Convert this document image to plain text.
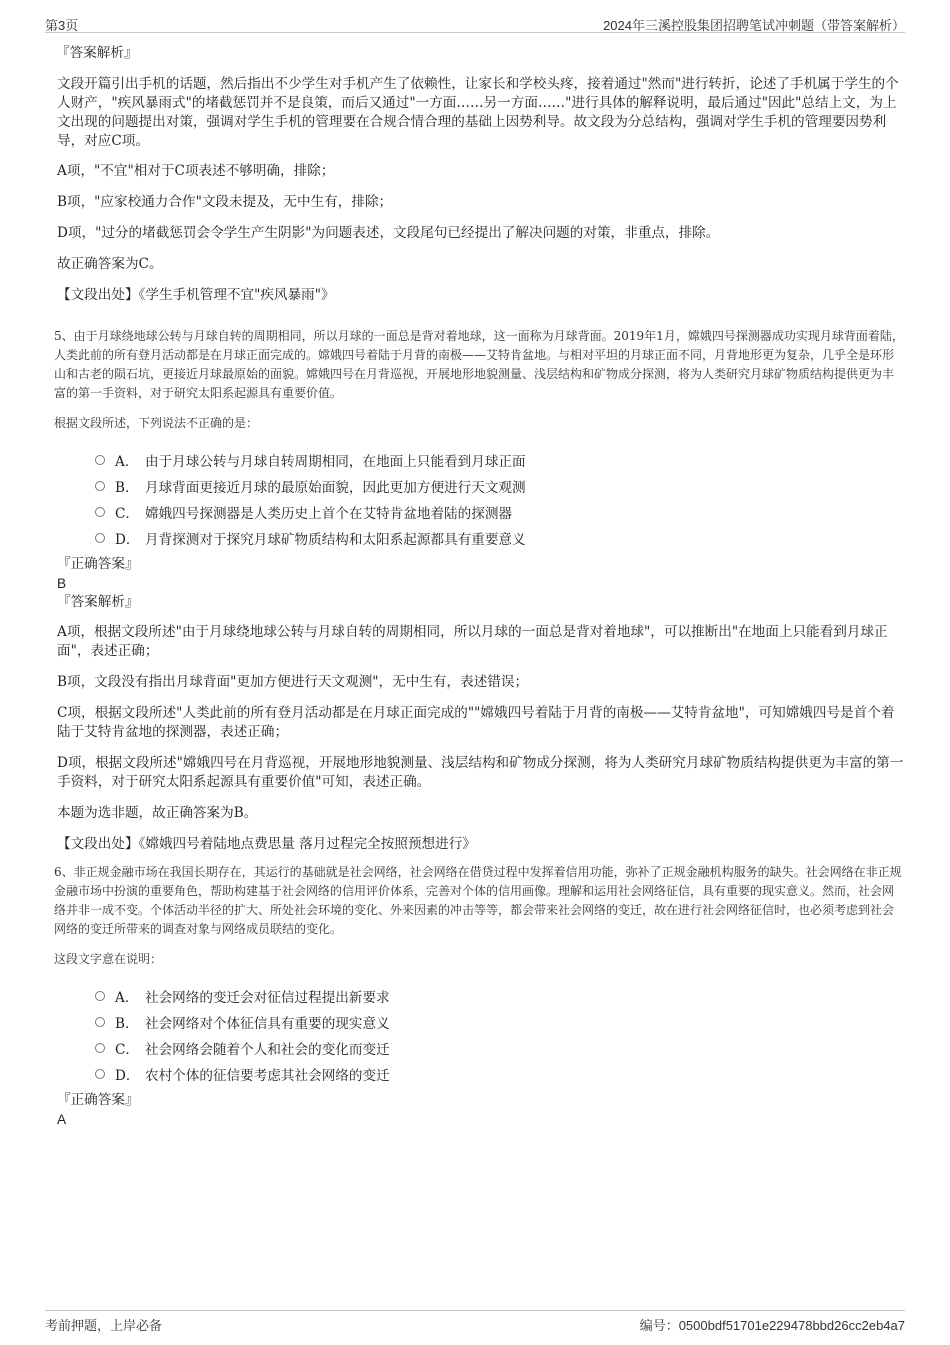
第3页	2024年三溪控股集团招聘笔试冲刺题（带答案解析）
『答案解析』

文段开篇引出手机的话题，然后指出不少学生对手机产生了依赖性，让家长和学校头疼，接着通过"然而"进行转折，论述了手机属于学生的个人财产，"疾风暴雨式"的堵截惩罚并不是良策，而后又通过"一方面……另一方面……"进行具体的解释说明，最后通过"因此"总结上文，为上文出现的问题提出对策，强调对学生手机的管理要在合规合情合理的基础上因势利导。故文段为分总结构，强调对学生手机的管理要因势利导，对应C项。

A项，"不宜"相对于C项表述不够明确，排除；

B项，"应家校通力合作"文段未提及，无中生有，排除；

D项，"过分的堵截惩罚会令学生产生阴影"为问题表述，文段尾句已经提出了解决问题的对策，非重点，排除。

故正确答案为C。

【文段出处】《学生手机管理不宜"疾风暴雨"》

5、由于月球绕地球公转与月球自转的周期相同，所以月球的一面总是背对着地球，这一面称为月球背面。2019年1月，嫦娥四号探测器成功实现月球背面着陆，人类此前的所有登月活动都是在月球正面完成的。嫦娥四号着陆于月背的南极——艾特肯盆地。与相对平坦的月球正面不同，月背地形更为复杂，几乎全是环形山和古老的陨石坑，更接近月球最原始的面貌。嫦娥四号在月背巡视，开展地形地貌测量、浅层结构和矿物成分探测，将为人类研究月球矿物质结构提供更为丰富的第一手资料，对于研究太阳系起源具有重要价值。

根据文段所述，下列说法不正确的是：

A． 由于月球公转与月球自转周期相同，在地面上只能看到月球正面
B． 月球背面更接近月球的最原始面貌，因此更加方便进行天文观测
C． 嫦娥四号探测器是人类历史上首个在艾特肯盆地着陆的探测器
D． 月背探测对于探究月球矿物质结构和太阳系起源都具有重要意义
『正确答案』
B
『答案解析』

A项，根据文段所述"由于月球绕地球公转与月球自转的周期相同，所以月球的一面总是背对着地球"，可以推断出"在地面上只能看到月球正面"，表述正确；

B项，文段没有指出月球背面"更加方便进行天文观测"，无中生有，表述错误；

C项，根据文段所述"人类此前的所有登月活动都是在月球正面完成的""嫦娥四号着陆于月背的南极——艾特肯盆地"，可知嫦娥四号是首个着陆于艾特肯盆地的探测器，表述正确；

D项，根据文段所述"嫦娥四号在月背巡视，开展地形地貌测量、浅层结构和矿物成分探测，将为人类研究月球矿物质结构提供更为丰富的第一手资料，对于研究太阳系起源具有重要价值"可知，表述正确。

本题为选非题，故正确答案为B。

【文段出处】《嫦娥四号着陆地点费思量 落月过程完全按照预想进行》

6、非正规金融市场在我国长期存在，其运行的基础就是社会网络，社会网络在借贷过程中发挥着信用功能，弥补了正规金融机构服务的缺失。社会网络在非正规金融市场中扮演的重要角色，帮助构建基于社会网络的信用评价体系，完善对个体的信用画像。理解和运用社会网络征信，具有重要的现实意义。然而，社会网络并非一成不变。个体活动半径的扩大、所处社会环境的变化、外来因素的冲击等等，都会带来社会网络的变迁，故在进行社会网络征信时，也必须考虑到社会网络的变迁所带来的调查对象与网络成员联结的变化。

这段文字意在说明：

A． 社会网络的变迁会对征信过程提出新要求
B． 社会网络对个体征信具有重要的现实意义
C． 社会网络会随着个人和社会的变化而变迁
D． 农村个体的征信要考虑其社会网络的变迁
『正确答案』
A
考前押题，上岸必备	编号：0500bdf51701e229478bbd26cc2eb4a7
